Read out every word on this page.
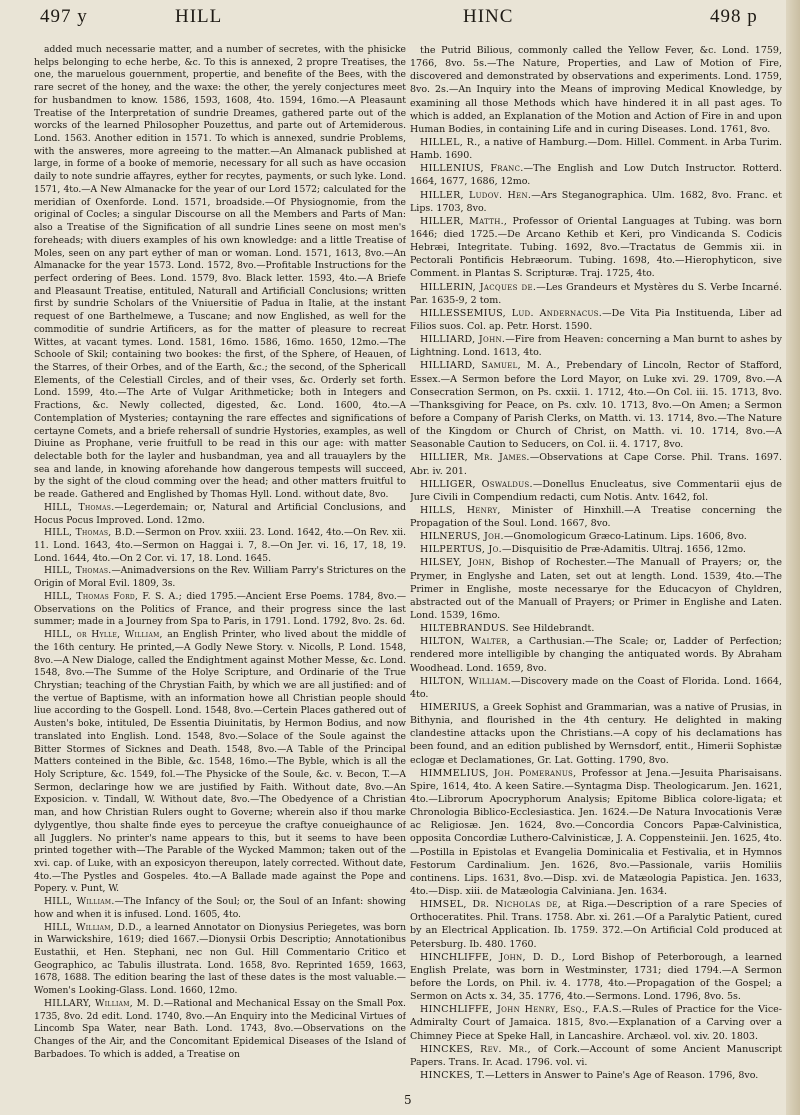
497 y	HILL	HINC	498 p

added much necessarie matter, and a number of secretes, with the phisicke helps belonging to eche herbe, &c. To this is annexed, 2 propre Treatises, the one, the maruelous gouernment, propertie, and benefite of the Bees, with the rare secret of the honey, and the waxe: the other, the yerely conjectures meet for husbandmen to know. 1586, 1593, 1608, 4to. 1594, 16mo.—A Pleasaunt Treatise of the Interpretation of sundrie Dreames, gathered parte out of the worcks of the learned Philosopher Pouzettus, and parte out of Artemiderous. Lond. 1563. Another edition in 1571. To which is annexed, sundrie Problems, with the answeres, more agreeing to the matter.—An Almanack published at large, in forme of a booke of memorie, necessary for all such as have occasion daily to note sundrie affayres, eyther for recytes, payments, or such lyke. Lond. 1571, 4to.—A New Almanacke for the year of our Lord 1572; calculated for the meridian of Oxenforde. Lond. 1571, broadside.—Of Physiognomie, from the original of Cocles; a singular Discourse on all the Members and Parts of Man: also a Treatise of the Signification of all sundrie Lines seene on most men's foreheads; with diuers examples of his own knowledge: and a little Treatise of Moles, seen on any part eyther of man or woman. Lond. 1571, 1613, 8vo.—An Almanacke for the year 1573. Lond. 1572, 8vo.—Profitable Instructions for the perfect ordering of Bees. Lond. 1579, 8vo. Black letter. 1593, 4to.—A Briefe and Pleasaunt Treatise, entituled, Naturall and Artificiall Conclusions; written first by sundrie Scholars of the Vniuersitie of Padua in Italie, at the instant request of one Barthelmewe, a Tuscane; and now Englished, as well for the commoditie of sundrie Artificers, as for the matter of pleasure to recreat Wittes, at vacant tymes. Lond. 1581, 16mo. 1586, 16mo. 1650, 12mo.—The Schoole of Skil; containing two bookes: the first, of the Sphere, of Heauen, of the Starres, of their Orbes, and of the Earth, &c.; the second, of the Sphericall Elements, of the Celestiall Circles, and of their vses, &c. Orderly set forth. Lond. 1599, 4to.—The Arte of Vulgar Arithmeticke; both in Integers and Fractions, &c. Newly collected, digested, &c. Lond. 1600, 4to.—A Contemplation of Mysteries; contayning the rare effectes and significations of certayne Comets, and a briefe rehersall of sundrie Hystories, examples, as well Diuine as Prophane, verie fruitfull to be read in this our age: with matter delectable both for the layler and husbandman, yea and all trauaylers by the sea and lande, in knowing aforehande how dangerous tempests will succeed, by the sight of the cloud comming over the head; and other matters fruitful to be reade. Gathered and Englished by Thomas Hyll. Lond. without date, 8vo.

HILL, Thomas.—Legerdemain; or, Natural and Artificial Conclusions, and Hocus Pocus Improved. Lond. 12mo.

HILL, Thomas, B.D.—Sermon on Prov. xxiii. 23. Lond. 1642, 4to.—On Rev. xii. 11. Lond. 1643, 4to.—Sermon on Haggai i. 7, 8.—On Jer. vi. 16, 17, 18, 19. Lond. 1644, 4to.—On 2 Cor. vi. 17, 18. Lond. 1645.

HILL, Thomas.—Animadversions on the Rev. William Parry's Strictures on the Origin of Moral Evil. 1809, 3s.

HILL, Thomas Ford, F. S. A.; died 1795.—Ancient Erse Poems. 1784, 8vo.—Observations on the Politics of France, and their progress since the last summer; made in a Journey from Spa to Paris, in 1791. Lond. 1792, 8vo. 2s. 6d.

HILL, or Hylle, William, an English Printer, who lived about the middle of the 16th century. He printed,—A Godly Newe Story. v. Nicolls, P. Lond. 1548, 8vo.—A New Dialoge, called the Endightment against Mother Messe, &c. Lond. 1548, 8vo.—The Summe of the Holye Scripture, and Ordinarie of the True Chrystian; teaching of the Chrystian Faith, by which we are all justified: and of the vertue of Baptisme, with an information howe all Christian people should liue according to the Gospell. Lond. 1548, 8vo.—Certein Places gathered out of Austen's boke, intituled, De Essentia Diuinitatis, by Hermon Bodius, and now translated into English. Lond. 1548, 8vo.—Solace of the Soule against the Bitter Stormes of Sicknes and Death. 1548, 8vo.—A Table of the Principal Matters conteined in the Bible, &c. 1548, 16mo.—The Byble, which is all the Holy Scripture, &c. 1549, fol.—The Physicke of the Soule, &c. v. Becon, T.—A Sermon, declaringe how we are justified by Faith. Without date, 8vo.—An Exposicion. v. Tindall, W. Without date, 8vo.—The Obedyence of a Christian man, and how Christian Rulers ought to Governe; wherein also if thou marke dylygentlye, thou shalte finde eyes to perceyue the craftye conueighaunce of all Jugglers. No printer's name appears to this, but it seems to have been printed together with—The Parable of the Wycked Mammon; taken out of the xvi. cap. of Luke, with an exposicyon thereupon, lately corrected. Without date, 4to.—The Pystles and Gospeles. 4to.—A Ballade made against the Pope and Popery. v. Punt, W.

HILL, William.—The Infancy of the Soul; or, the Soul of an Infant: showing how and when it is infused. Lond. 1605, 4to.

HILL, William, D.D., a learned Annotator on Dionysius Periegetes, was born in Warwickshire, 1619; died 1667.—Dionysii Orbis Descriptio; Annotationibus Eustathii, et Hen. Stephani, nec non Gul. Hill Commentario Critico et Geographico, ac Tabulis illustrata. Lond. 1658, 8vo. Reprinted 1659, 1663, 1678, 1688. The edition bearing the last of these dates is the most valuable.—Women's Looking-Glass. Lond. 1660, 12mo.

HILLARY, William, M. D.—Rational and Mechanical Essay on the Small Pox. 1735, 8vo. 2d edit. Lond. 1740, 8vo.—An Enquiry into the Medicinal Virtues of Lincomb Spa Water, near Bath. Lond. 1743, 8vo.—Observations on the Changes of the Air, and the Concomitant Epidemical Diseases of the Island of Barbadoes. To which is added, a Treatise on

the Putrid Bilious, commonly called the Yellow Fever, &c. Lond. 1759, 1766, 8vo. 5s.—The Nature, Properties, and Law of Motion of Fire, discovered and demonstrated by observations and experiments. Lond. 1759, 8vo. 2s.—An Inquiry into the Means of improving Medical Knowledge, by examining all those Methods which have hindered it in all past ages. To which is added, an Explanation of the Motion and Action of Fire in and upon Human Bodies, in containing Life and in curing Diseases. Lond. 1761, 8vo.

HILLEL, R., a native of Hamburg.—Dom. Hillel. Comment. in Arba Turim. Hamb. 1690.

HILLENIUS, Franc.—The English and Low Dutch Instructor. Rotterd. 1664, 1677, 1686, 12mo.

HILLER, Ludov. Hen.—Ars Steganographica. Ulm. 1682, 8vo. Franc. et Lips. 1703, 8vo.

HILLER, Matth., Professor of Oriental Languages at Tubing. was born 1646; died 1725.—De Arcano Kethib et Keri, pro Vindicanda S. Codicis Hebræi, Integritate. Tubing. 1692, 8vo.—Tractatus de Gemmis xii. in Pectorali Pontificis Hebræorum. Tubing. 1698, 4to.—Hierophyticon, sive Comment. in Plantas S. Scripturæ. Traj. 1725, 4to.

HILLERIN, Jacques de.—Les Grandeurs et Mystères du S. Verbe Incarné. Par. 1635-9, 2 tom.

HILLESSEMIUS, Lud. Andernacus.—De Vita Pia Instituenda, Liber ad Filios suos. Col. ap. Petr. Horst. 1590.

HILLIARD, John.—Fire from Heaven: concerning a Man burnt to ashes by Lightning. Lond. 1613, 4to.

HILLIARD, Samuel, M. A., Prebendary of Lincoln, Rector of Stafford, Essex.—A Sermon before the Lord Mayor, on Luke xvi. 29. 1709, 8vo.—A Consecration Sermon, on Ps. cxxii. 1. 1712, 4to.—On Col. iii. 15. 1713, 8vo.—Thanksgiving for Peace, on Ps. cxlv. 10. 1713, 8vo.—On Amen; a Sermon before a Company of Parish Clerks, on Matth. vi. 13. 1714, 8vo.—The Nature of the Kingdom or Church of Christ, on Matth. vi. 10. 1714, 8vo.—A Seasonable Caution to Seducers, on Col. ii. 4. 1717, 8vo.

HILLIER, Mr. James.—Observations at Cape Corse. Phil. Trans. 1697. Abr. iv. 201.

HILLIGER, Oswaldus.—Donellus Enucleatus, sive Commentarii ejus de Jure Civili in Compendium redacti, cum Notis. Antv. 1642, fol.

HILLS, Henry, Minister of Hinxhill.—A Treatise concerning the Propagation of the Soul. Lond. 1667, 8vo.

HILNERUS, Joh.—Gnomologicum Græco-Latinum. Lips. 1606, 8vo.

HILPERTUS, Jo.—Disquisitio de Præ-Adamitis. Ultraj. 1656, 12mo.

HILSEY, John, Bishop of Rochester.—The Manuall of Prayers; or, the Prymer, in Englyshe and Laten, set out at length. Lond. 1539, 4to.—The Primer in Englishe, moste necessarye for the Educacyon of Chyldren, abstracted out of the Manuall of Prayers; or Primer in Englishe and Laten. Lond. 1539, 16mo.

HILTEBRANDUS. See Hildebrandt.

HILTON, Walter, a Carthusian.—The Scale; or, Ladder of Perfection; rendered more intelligible by changing the antiquated words. By Abraham Woodhead. Lond. 1659, 8vo.

HILTON, William.—Discovery made on the Coast of Florida. Lond. 1664, 4to.

HIMERIUS, a Greek Sophist and Grammarian, was a native of Prusias, in Bithynia, and flourished in the 4th century. He delighted in making clandestine attacks upon the Christians.—A copy of his declamations has been found, and an edition published by Wernsdorf, entit., Himerii Sophistæ eclogæ et Declamationes, Gr. Lat. Gotting. 1790, 8vo.

HIMMELIUS, Joh. Pomeranus, Professor at Jena.—Jesuita Pharisaisans. Spire, 1614, 4to. A keen Satire.—Syntagma Disp. Theologicarum. Jen. 1621, 4to.—Librorum Apocryphorum Analysis; Epitome Biblica colore-ligata; et Chronologia Biblico-Ecclesiastica. Jen. 1624.—De Natura Invocationis Veræ ac Religiosæ. Jen. 1624, 8vo.—Concordia Concors Papæ-Calvinistica, opposita Concordiæ Luthero-Calvinisticæ, J. A. Coppensteinii. Jen. 1625, 4to.—Postilla in Epistolas et Evangelia Dominicalia et Festivalia, et in Hymnos Festorum Cardinalium. Jen. 1626, 8vo.—Passionale, variis Homiliis continens. Lips. 1631, 8vo.—Disp. xvi. de Matæologia Papistica. Jen. 1633, 4to.—Disp. xiii. de Matæologia Calviniana. Jen. 1634.

HIMSEL, Dr. Nicholas de, at Riga.—Description of a rare Species of Orthoceratites. Phil. Trans. 1758. Abr. xi. 261.—Of a Paralytic Patient, cured by an Electrical Application. Ib. 1759. 372.—On Artificial Cold produced at Petersburg. Ib. 480. 1760.

HINCHLIFFE, John, D. D., Lord Bishop of Peterborough, a learned English Prelate, was born in Westminster, 1731; died 1794.—A Sermon before the Lords, on Phil. iv. 4. 1778, 4to.—Propagation of the Gospel; a Sermon on Acts x. 34, 35. 1776, 4to.—Sermons. Lond. 1796, 8vo. 5s.

HINCHLIFFE, John Henry, Esq., F.A.S.—Rules of Practice for the Vice-Admiralty Court of Jamaica. 1815, 8vo.—Explanation of a Carving over a Chimney Piece at Speke Hall, in Lancashire. Archæol. vol. xiv. 20. 1803.

HINCKES, Rev. Mr., of Cork.—Account of some Ancient Manuscript Papers. Trans. Ir. Acad. 1796. vol. vi.

HINCKES, T.—Letters in Answer to Paine's Age of Reason. 1796, 8vo.

5
